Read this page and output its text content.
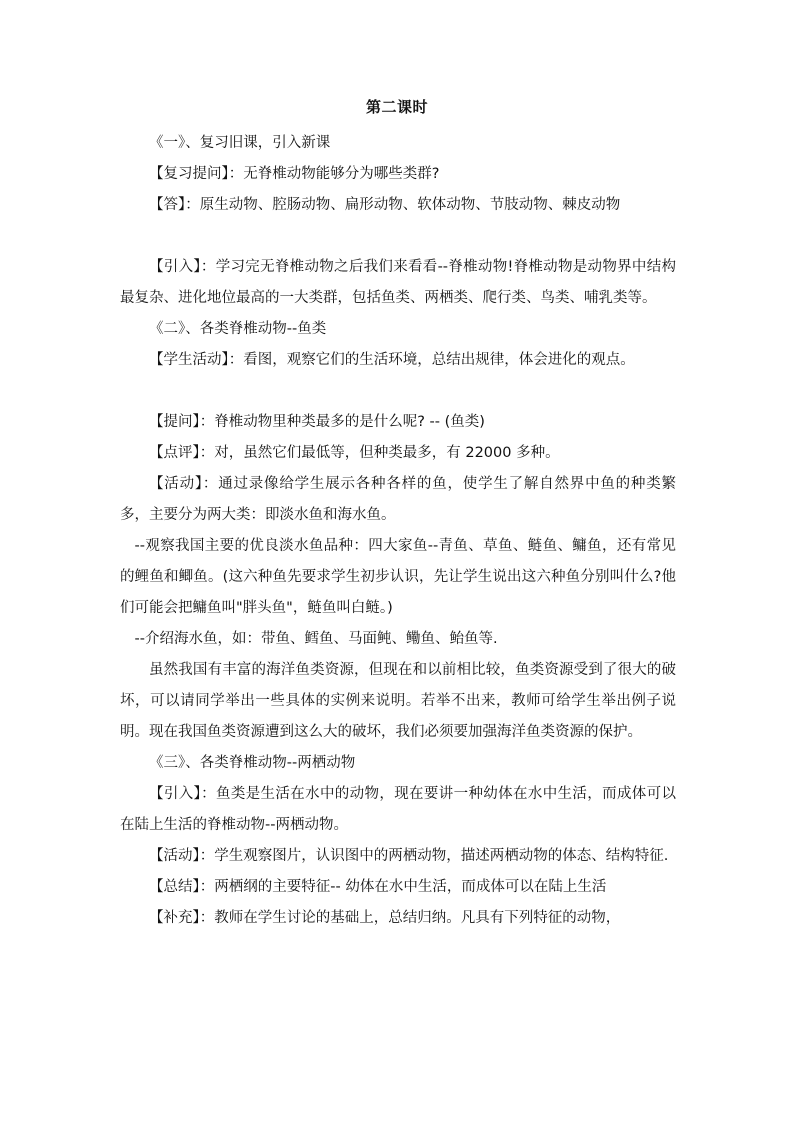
第二课时

《一》、复习旧课，引入新课

【复习提问】：无脊椎动物能够分为哪些类群?

【答】：原生动物、腔肠动物、扁形动物、软体动物、节肢动物、棘皮动物

【引入】：学习完无脊椎动物之后我们来看看--脊椎动物!脊椎动物是动物界中结构最复杂、进化地位最高的一大类群，包括鱼类、两栖类、爬行类、鸟类、哺乳类等。

《二》、各类脊椎动物--鱼类

【学生活动】：看图，观察它们的生活环境，总结出规律，体会进化的观点。

【提问】：脊椎动物里种类最多的是什么呢? -- (鱼类)

【点评】：对，虽然它们最低等，但种类最多，有 22000 多种。

【活动】：通过录像给学生展示各种各样的鱼，使学生了解自然界中鱼的种类繁多，主要分为两大类：即淡水鱼和海水鱼。

--观察我国主要的优良淡水鱼品种：四大家鱼--青鱼、草鱼、鲢鱼、鳙鱼，还有常见的鲤鱼和鲫鱼。(这六种鱼先要求学生初步认识，先让学生说出这六种鱼分别叫什么?他们可能会把鳙鱼叫"胖头鱼"，鲢鱼叫白鲢。)

--介绍海水鱼，如：带鱼、鳕鱼、马面鲀、鳓鱼、鲐鱼等.

虽然我国有丰富的海洋鱼类资源，但现在和以前相比较，鱼类资源受到了很大的破坏，可以请同学举出一些具体的实例来说明。若举不出来，教师可给学生举出例子说明。现在我国鱼类资源遭到这么大的破坏，我们必须要加强海洋鱼类资源的保护。

《三》、各类脊椎动物--两栖动物

【引入】：鱼类是生活在水中的动物，现在要讲一种幼体在水中生活，而成体可以在陆上生活的脊椎动物--两栖动物。

【活动】：学生观察图片，认识图中的两栖动物，描述两栖动物的体态、结构特征.

【总结】：两栖纲的主要特征-- 幼体在水中生活，而成体可以在陆上生活

【补充】：教师在学生讨论的基础上，总结归纳。凡具有下列特征的动物，
